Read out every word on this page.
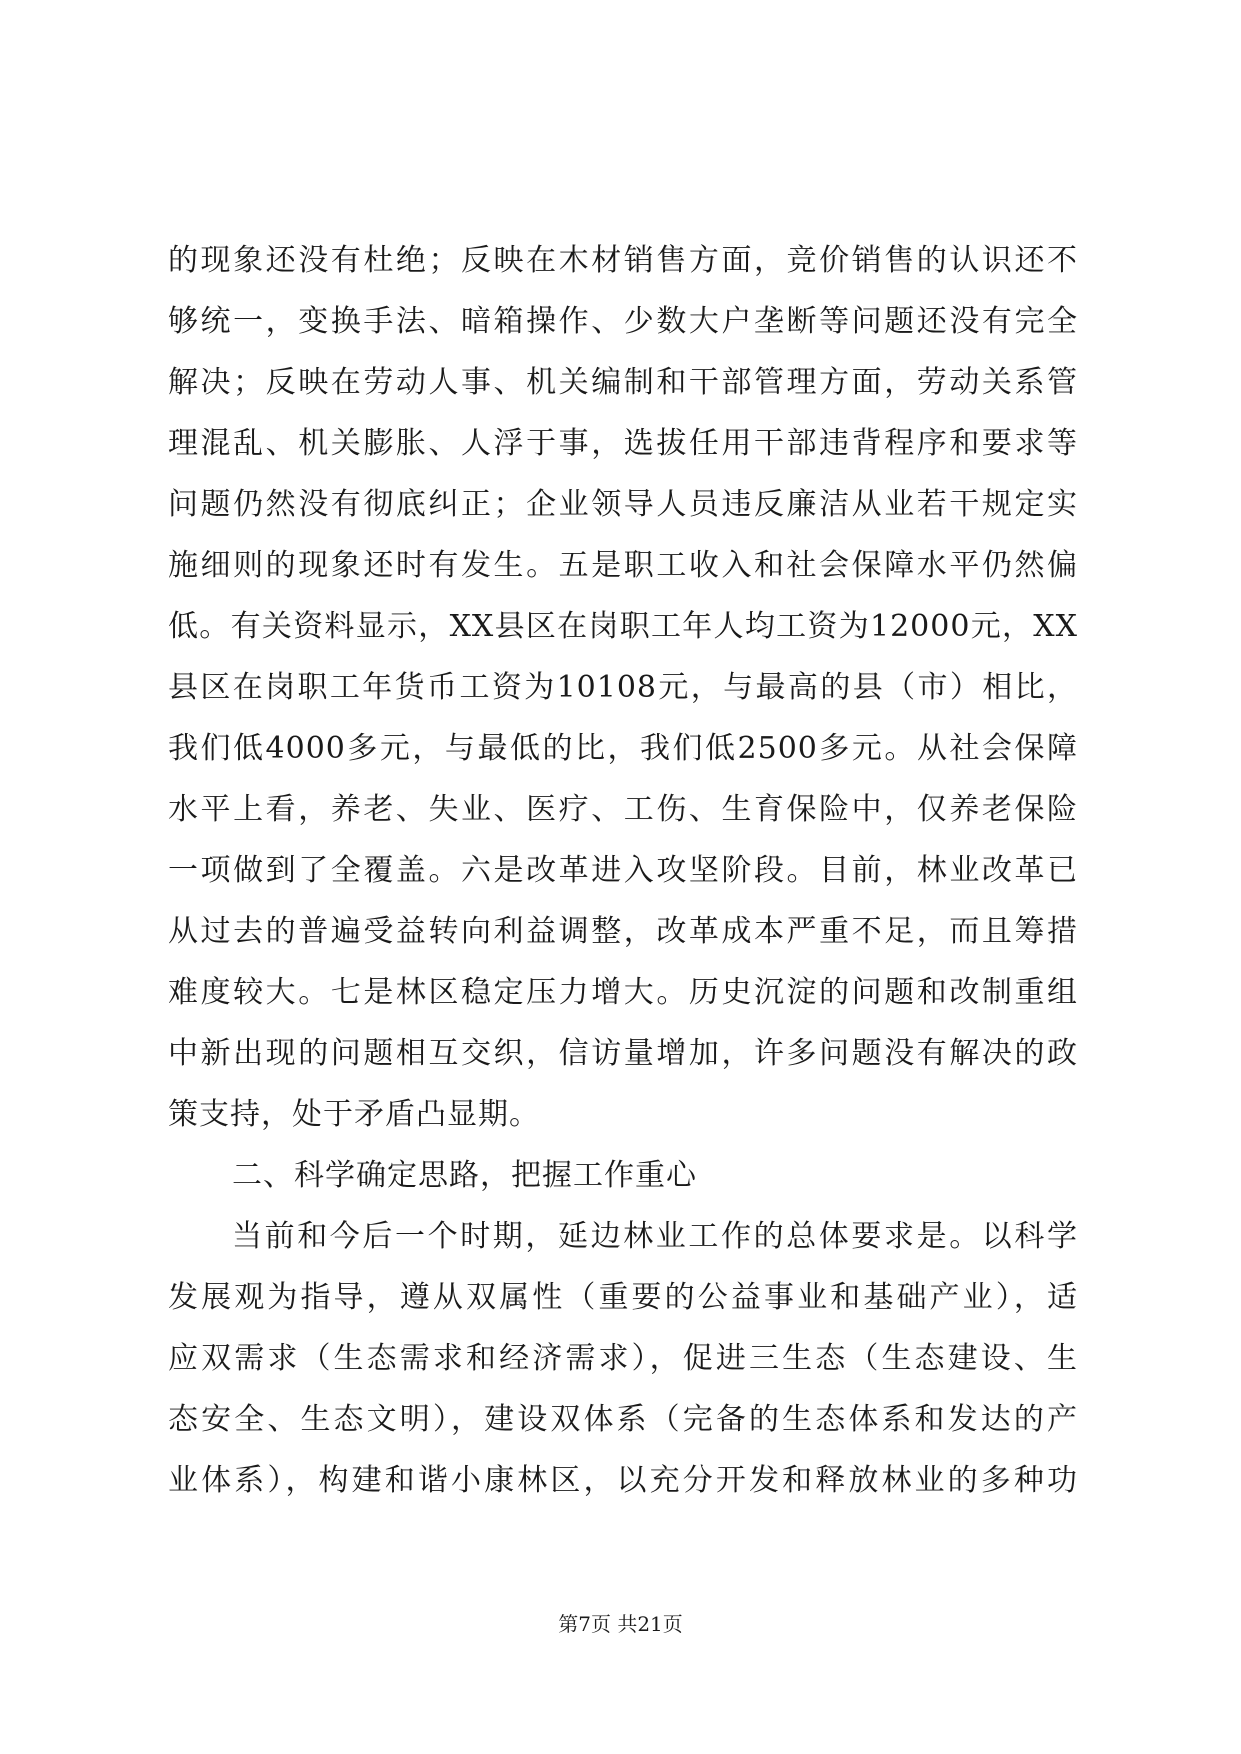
的现象还没有杜绝；反映在木材销售方面，竞价销售的认识还不
够统一，变换手法、暗箱操作、少数大户垄断等问题还没有完全
解决；反映在劳动人事、机关编制和干部管理方面，劳动关系管
理混乱、机关膨胀、人浮于事，选拔任用干部违背程序和要求等
问题仍然没有彻底纠正；企业领导人员违反廉洁从业若干规定实
施细则的现象还时有发生。五是职工收入和社会保障水平仍然偏
低。有关资料显示，XX县区在岗职工年人均工资为12000元，XX
县区在岗职工年货币工资为10108元，与最高的县（市）相比，
我们低4000多元，与最低的比，我们低2500多元。从社会保障
水平上看，养老、失业、医疗、工伤、生育保险中，仅养老保险
一项做到了全覆盖。六是改革进入攻坚阶段。目前，林业改革已
从过去的普遍受益转向利益调整，改革成本严重不足，而且筹措
难度较大。七是林区稳定压力增大。历史沉淀的问题和改制重组
中新出现的问题相互交织，信访量增加，许多问题没有解决的政
策支持，处于矛盾凸显期。
二、科学确定思路，把握工作重心
当前和今后一个时期，延边林业工作的总体要求是。以科学
发展观为指导，遵从双属性（重要的公益事业和基础产业），适
应双需求（生态需求和经济需求），促进三生态（生态建设、生
态安全、生态文明），建设双体系（完备的生态体系和发达的产
业体系），构建和谐小康林区，以充分开发和释放林业的多种功
第7页 共21页
